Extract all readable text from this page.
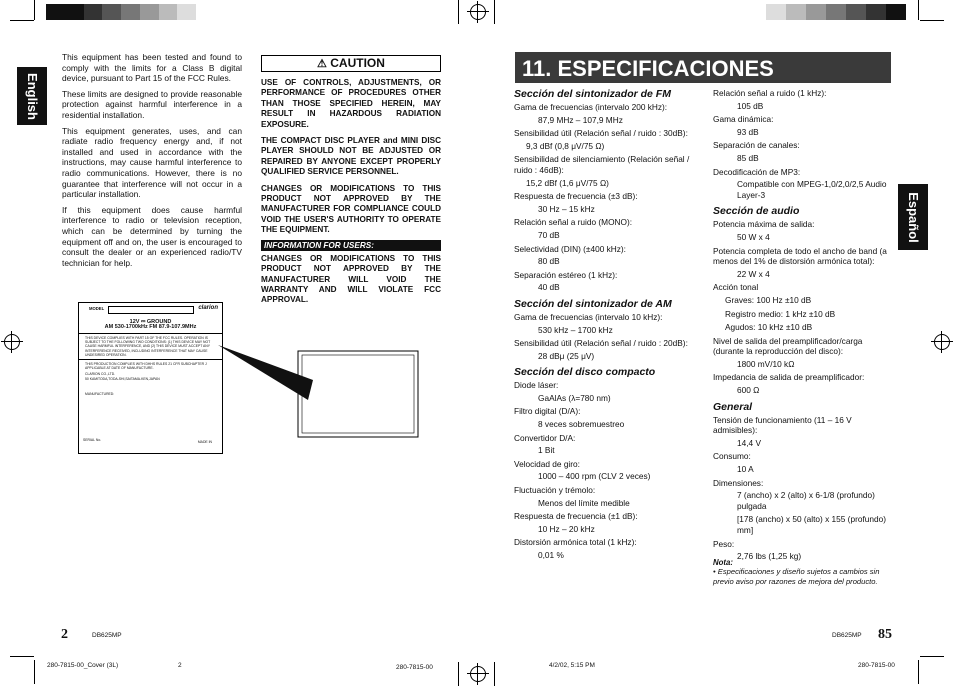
English

This equipment has been tested and found to comply with the limits for a Class B digital device, pursuant to Part 15 of the FCC Rules.

These limits are designed to provide reasonable protection against harmful interference in a residential installation.

This equipment generates, uses, and can radiate radio frequency energy and, if not installed and used in accordance with the instructions, may cause harmful interference to radio communications. However, there is no guarantee that interference will not occur in a particular installation.

If this equipment does cause harmful interference to radio or television reception, which can be determined by turning the equipment off and on, the user is encouraged to consult the dealer or an experienced radio/TV technician for help.

⚠ CAUTION

USE OF CONTROLS, ADJUSTMENTS, OR PERFORMANCE OF PROCEDURES OTHER THAN THOSE SPECIFIED HEREIN, MAY RESULT IN HAZARDOUS RADIATION EXPOSURE.

THE COMPACT DISC PLAYER and MINI DISC PLAYER SHOULD NOT BE ADJUSTED OR REPAIRED BY ANYONE EXCEPT PROPERLY QUALIFIED SERVICE PERSONNEL.

CHANGES OR MODIFICATIONS TO THIS PRODUCT NOT APPROVED BY THE MANUFACTURER FOR COMPLIANCE COULD VOID THE USER'S AUTHORITY TO OPERATE THE EQUIPMENT.

INFORMATION FOR USERS:

CHANGES OR MODIFICATIONS TO THIS PRODUCT NOT APPROVED BY THE MANUFACTURER WILL VOID THE WARRANTY AND WILL VIOLATE FCC APPROVAL.

MODEL	clarion
12V ⎓ GROUND
AM 530-1700kHz FM 87.9-107.9MHz
THIS DEVICE COMPLIES WITH PART 15 OF THE FCC RULES. OPERATION IS SUBJECT TO THE FOLLOWING TWO CONDITIONS: (1) THIS DEVICE MAY NOT CAUSE HARMFUL INTERFERENCE, AND (2) THIS DEVICE MUST ACCEPT ANY INTERFERENCE RECEIVED, INCLUDING INTERFERENCE THAT MAY CAUSE UNDESIRED OPERATION.
THIS PRODUCTION COMPLIES WITH DHHS RULES 21 CFR SUBCHAPTER J APPLICABLE AT DATE OF MANUFACTURE.
CLARION CO.,LTD.
50 KAMITODA,TODA-SHI,SAITAMA-KEN,JAPAN
MANUFACTURED:
SERIAL No.	MADE IN
2	DB625MP
280-7815-00_Cover (3L)	2
11. ESPECIFICACIONES
Español
Sección del sintonizador de FM
Gama de frecuencias (intervalo 200 kHz):
87,9 MHz – 107,9 MHz
Sensibilidad útil (Relación señal / ruido : 30dB):
9,3 dBf (0,8 μV/75 Ω)
Sensibilidad de silenciamiento (Relación señal / ruido : 46dB):
15,2 dBf (1,6 μV/75 Ω)
Respuesta de frecuencia (±3 dB):
30 Hz – 15 kHz
Relación señal a ruido (MONO):
70 dB
Selectividad (DIN) (±400 kHz):
80 dB
Separación estéreo (1 kHz):
40 dB
Sección del sintonizador de AM
Gama de frecuencias (intervalo 10 kHz):
530 kHz – 1700 kHz
Sensibilidad útil (Relación señal / ruido : 20dB):
28 dBμ (25 μV)
Sección del disco compacto
Diode láser:
GaAlAs (λ=780 nm)
Filtro digital (D/A):
8 veces sobremuestreo
Convertidor D/A:
1 Bit
Velocidad de giro:
1000 – 400 rpm (CLV 2 veces)
Fluctuación y trémolo:
Menos del límite medible
Respuesta de frecuencia (±1 dB):
10 Hz – 20 kHz
Distorsión armónica total (1 kHz):
0,01 %
Relación señal a ruido (1 kHz):
105 dB
Gama dinámica:
93 dB
Separación de canales:
85 dB
Decodificación de MP3:
Compatible con MPEG-1,0/2,0/2,5 Audio Layer-3
Sección de audio
Potencia máxima de salida:
50 W x 4
Potencia completa de todo el ancho de band (a menos del 1% de distorsión armónica total):
22 W x 4
Acción tonal
Graves: 100 Hz ±10 dB
Registro medio: 1 kHz ±10 dB
Agudos: 10 kHz ±10 dB
Nivel de salida del preamplificador/carga (durante la reproducción del disco):
1800 mV/10 kΩ
Impedancia de salida de preamplificador:
600 Ω
General
Tensión de funcionamiento (11 – 16 V admisibles):
14,4 V
Consumo:
10 A
Dimensiones:
7 (ancho) x 2 (alto) x 6-1/8 (profundo) pulgada
[178 (ancho) x 50 (alto) x 155 (profundo) mm]
Peso:
2,76 lbs (1,25 kg)
Nota:
• Especificaciones y diseño sujetos a cambios sin previo aviso por razones de mejora del producto.
DB625MP 85
280-7815-00	4/2/02, 5:15 PM	280-7815-00
